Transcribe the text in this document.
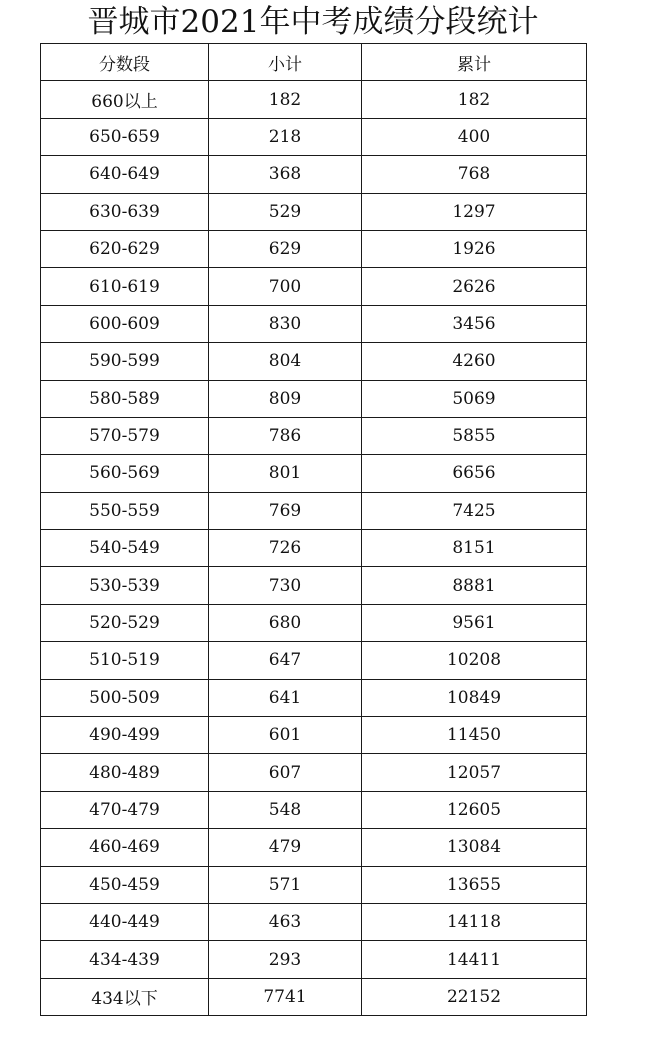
晋城市2021年中考成绩分段统计
分数段	小计	累计
660以上	182	182
650-659	218	400
640-649	368	768
630-639	529	1297
620-629	629	1926
610-619	700	2626
600-609	830	3456
590-599	804	4260
580-589	809	5069
570-579	786	5855
560-569	801	6656
550-559	769	7425
540-549	726	8151
530-539	730	8881
520-529	680	9561
510-519	647	10208
500-509	641	10849
490-499	601	11450
480-489	607	12057
470-479	548	12605
460-469	479	13084
450-459	571	13655
440-449	463	14118
434-439	293	14411
434以下	7741	22152
